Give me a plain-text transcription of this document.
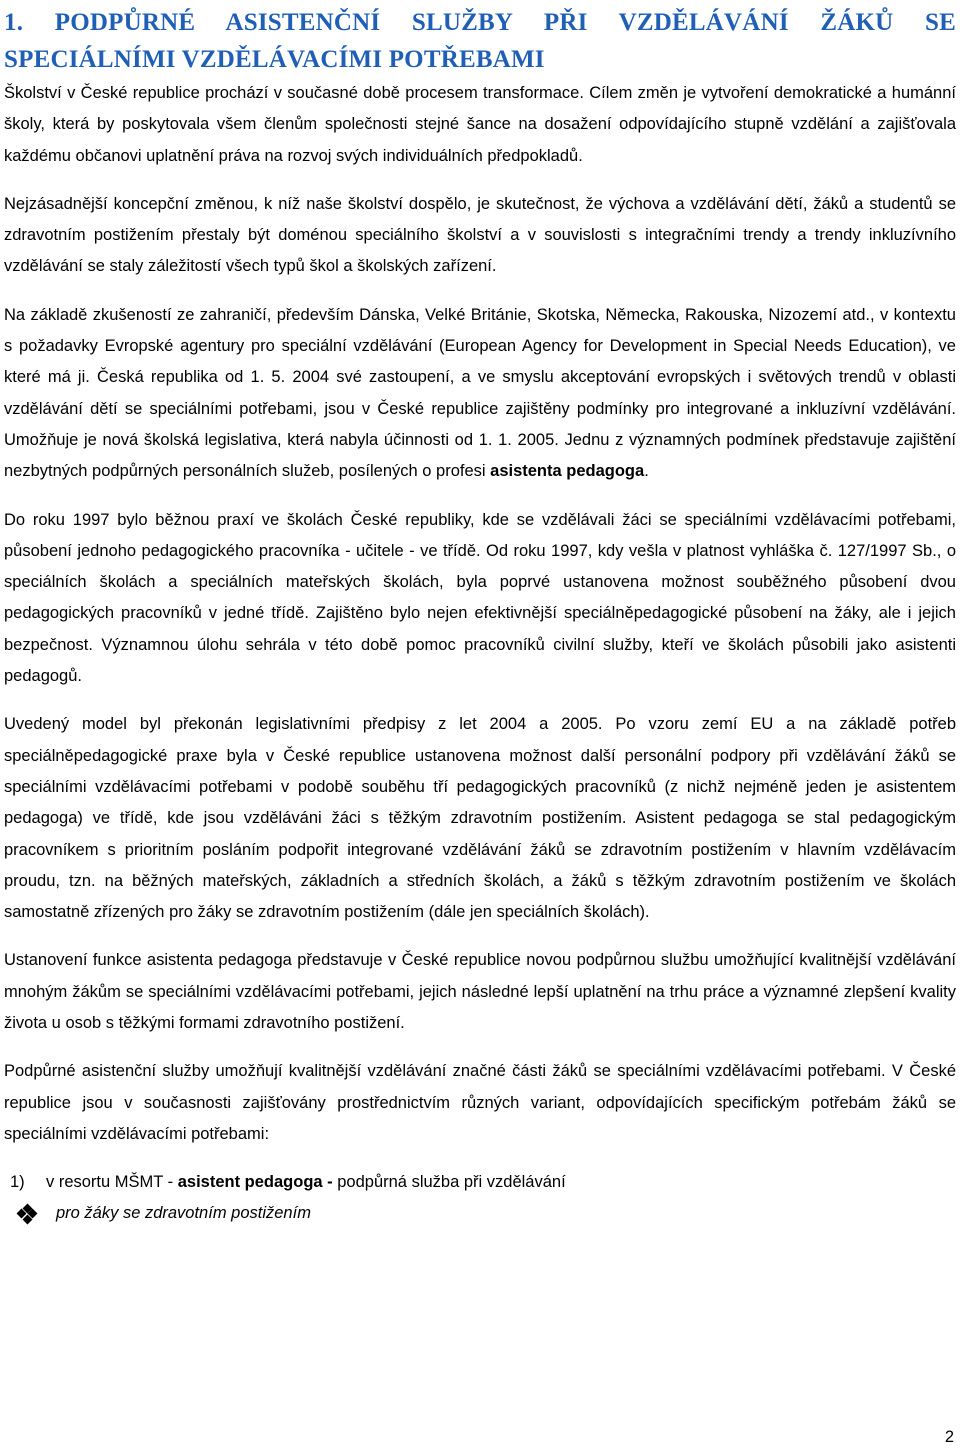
1. PODPŮRNÉ ASISTENČNÍ SLUŽBY PŘI VZDĚLÁVÁNÍ ŽÁKŮ SE SPECIÁLNÍMI VZDĚLÁVACÍMI POTŘEBAMI

Školství v České republice prochází v současné době procesem transformace. Cílem změn je vytvoření demokratické a humánní školy, která by poskytovala všem členům společnosti stejné šance na dosažení odpovídajícího stupně vzdělání a zajišťovala každému občanovi uplatnění práva na rozvoj svých individuálních předpokladů.

Nejzásadnější koncepční změnou, k níž naše školství dospělo, je skutečnost, že výchova a vzdělávání dětí, žáků a studentů se zdravotním postižením přestaly být doménou speciálního školství a v souvislosti s integračními trendy a trendy inkluzívního vzdělávání se staly záležitostí všech typů škol a školských zařízení.

Na základě zkušeností ze zahraničí, především Dánska, Velké Británie, Skotska, Německa, Rakouska, Nizozemí atd., v kontextu s požadavky Evropské agentury pro speciální vzdělávání (European Agency for Development in Special Needs Education), ve které má ji. Česká republika od 1. 5. 2004 své zastoupení, a ve smyslu akceptování evropských i světových trendů v oblasti vzdělávání dětí se speciálními potřebami, jsou v České republice zajištěny podmínky pro integrované a inkluzívní vzdělávání. Umožňuje je nová školská legislativa, která nabyla účinnosti od 1. 1. 2005. Jednu z významných podmínek představuje zajištění nezbytných podpůrných personálních služeb, posílených o profesi asistenta pedagoga.

Do roku 1997 bylo běžnou praxí ve školách České republiky, kde se vzdělávali žáci se speciálními vzdělávacími potřebami, působení jednoho pedagogického pracovníka - učitele - ve třídě. Od roku 1997, kdy vešla v platnost vyhláška č. 127/1997 Sb., o speciálních školách a speciálních mateřských školách, byla poprvé ustanovena možnost souběžného působení dvou pedagogických pracovníků v jedné třídě. Zajištěno bylo nejen efektivnější speciálněpedagogické působení na žáky, ale i jejich bezpečnost. Významnou úlohu sehrála v této době pomoc pracovníků civilní služby, kteří ve školách působili jako asistenti pedagogů.

Uvedený model byl překonán legislativními předpisy z let 2004 a 2005. Po vzoru zemí EU a na základě potřeb speciálněpedagogické praxe byla v České republice ustanovena možnost další personální podpory při vzdělávání žáků se speciálními vzdělávacími potřebami v podobě souběhu tří pedagogických pracovníků (z nichž nejméně jeden je asistentem pedagoga) ve třídě, kde jsou vzděláváni žáci s těžkým zdravotním postižením. Asistent pedagoga se stal pedagogickým pracovníkem s prioritním posláním podpořit integrované vzdělávání žáků se zdravotním postižením v hlavním vzdělávacím proudu, tzn. na běžných mateřských, základních a středních školách, a žáků s těžkým zdravotním postižením ve školách samostatně zřízených pro žáky se zdravotním postižením (dále jen speciálních školách).

Ustanovení funkce asistenta pedagoga představuje v České republice novou podpůrnou službu umožňující kvalitnější vzdělávání mnohým žákům se speciálními vzdělávacími potřebami, jejich následné lepší uplatnění na trhu práce a významné zlepšení kvality života u osob s těžkými formami zdravotního postižení.

Podpůrné asistenční služby umožňují kvalitnější vzdělávání značné části žáků se speciálními vzdělávacími potřebami. V České republice jsou v současnosti zajišťovány prostřednictvím různých variant, odpovídajících specifickým potřebám žáků se speciálními vzdělávacími potřebami:

1)	v resortu MŠMT - asistent pedagoga - podpůrná služba při vzdělávání
pro žáky se zdravotním postižením
2
